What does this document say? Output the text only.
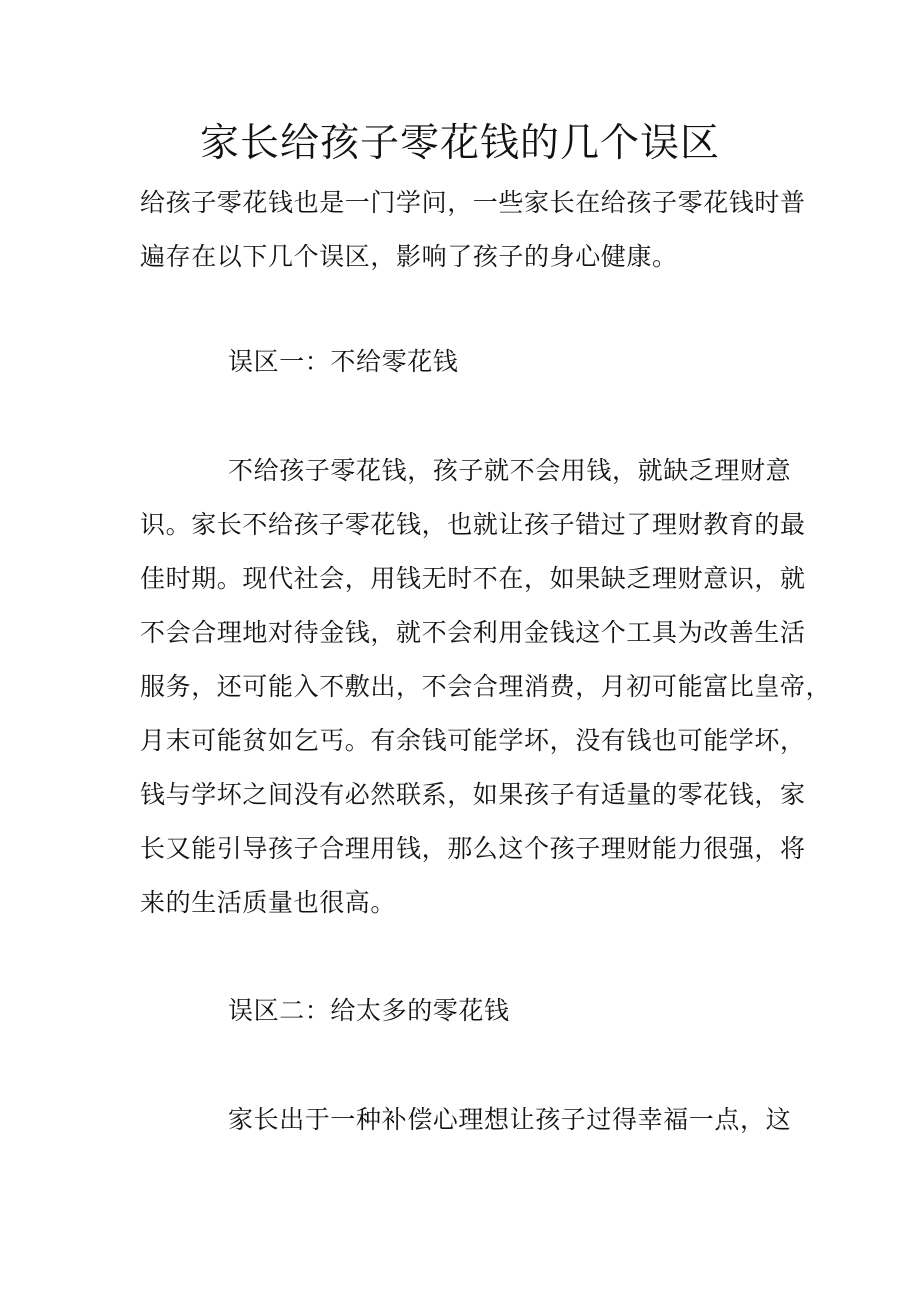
家长给孩子零花钱的几个误区
给孩子零花钱也是一门学问，一些家长在给孩子零花钱时普
遍存在以下几个误区，影响了孩子的身心健康。
误区一：不给零花钱
不给孩子零花钱，孩子就不会用钱，就缺乏理财意
识。家长不给孩子零花钱，也就让孩子错过了理财教育的最
佳时期。现代社会，用钱无时不在，如果缺乏理财意识，就
不会合理地对待金钱，就不会利用金钱这个工具为改善生活
服务，还可能入不敷出，不会合理消费，月初可能富比皇帝，
月末可能贫如乞丐。有余钱可能学坏，没有钱也可能学坏，
钱与学坏之间没有必然联系，如果孩子有适量的零花钱，家
长又能引导孩子合理用钱，那么这个孩子理财能力很强，将
来的生活质量也很高。
误区二：给太多的零花钱
家长出于一种补偿心理想让孩子过得幸福一点，这
